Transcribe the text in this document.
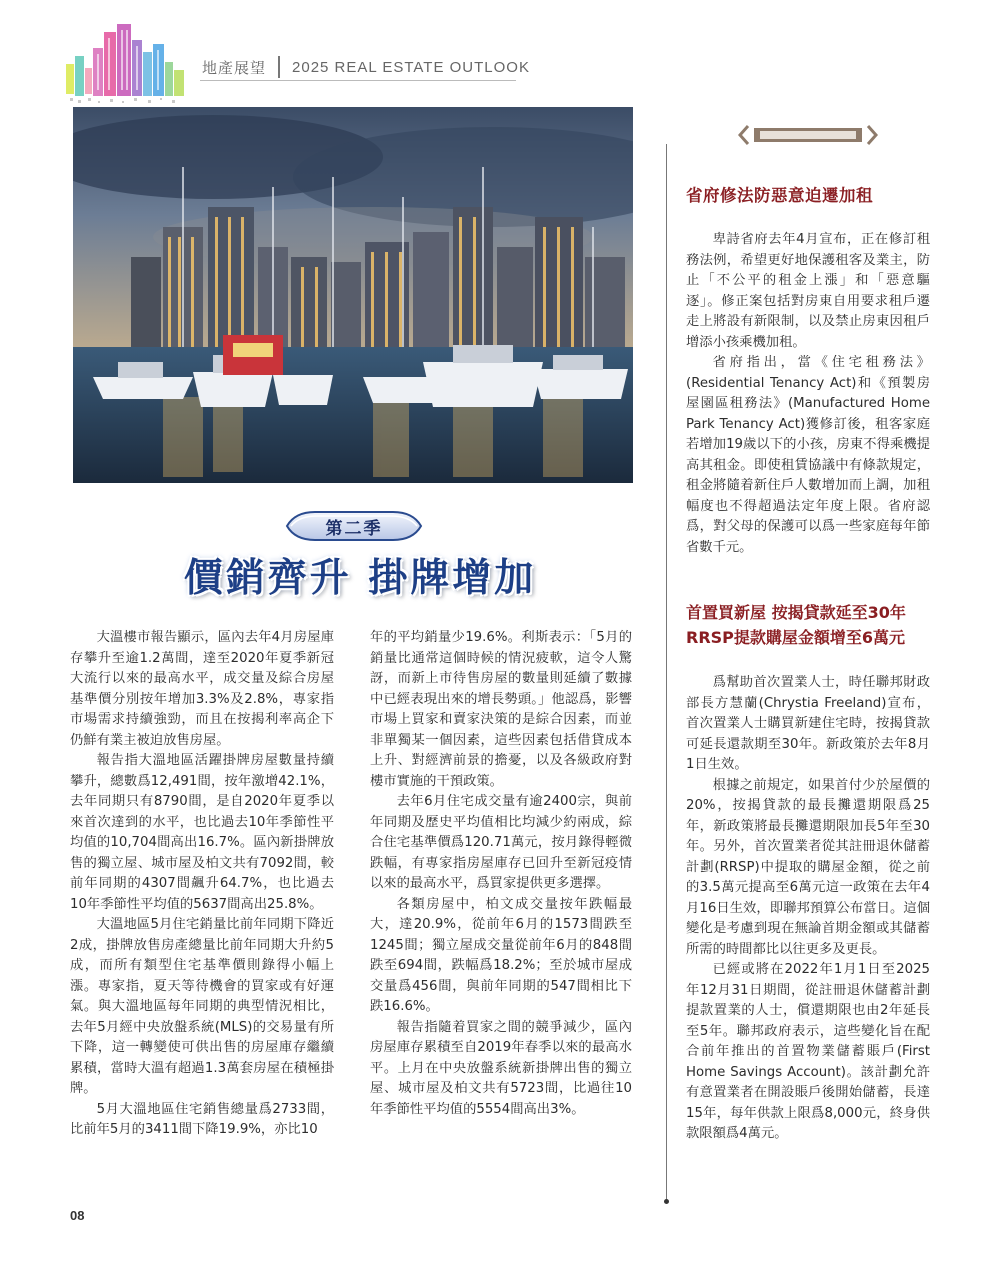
地產展望 2025 REAL ESTATE OUTLOOK
第二季
價銷齊升 掛牌增加

大溫樓市報告顯示，區內去年4月房屋庫存攀升至逾1.2萬間，達至2020年夏季新冠大流行以來的最高水平，成交量及綜合房屋基準價分別按年增加3.3%及2.8%，專家指市場需求持續強勁，而且在按揭利率高企下仍鮮有業主被迫放售房屋。

報告指大溫地區活躍掛牌房屋數量持續攀升，總數爲12,491間，按年激增42.1%，去年同期只有8790間，是自2020年夏季以來首次達到的水平，也比過去10年季節性平均值的10,704間高出16.7%。區內新掛牌放售的獨立屋、城市屋及柏文共有7092間，較前年同期的4307間飆升64.7%，也比過去10年季節性平均值的5637間高出25.8%。

大溫地區5月住宅銷量比前年同期下降近2成，掛牌放售房產總量比前年同期大升約5成，而所有類型住宅基準價則錄得小幅上漲。專家指，夏天等待機會的買家或有好運氣。與大溫地區每年同期的典型情況相比，去年5月經中央放盤系統(MLS)的交易量有所下降，這一轉變使可供出售的房屋庫存繼續累積，當時大溫有超過1.3萬套房屋在積極掛牌。

5月大溫地區住宅銷售總量爲2733間，比前年5月的3411間下降19.9%，亦比10

年的平均銷量少19.6%。利斯表示：「5月的銷量比通常這個時候的情況疲軟，這令人驚訝，而新上市待售房屋的數量則延續了數據中已經表現出來的增長勢頭。」他認爲，影響市場上買家和賣家決策的是綜合因素，而並非單獨某一個因素，這些因素包括借貸成本上升、對經濟前景的擔憂，以及各級政府對樓市實施的干預政策。

去年6月住宅成交量有逾2400宗，與前年同期及歷史平均值相比均減少約兩成，綜合住宅基準價爲120.71萬元，按月錄得輕微跌幅，有專家指房屋庫存已回升至新冠疫情以來的最高水平，爲買家提供更多選擇。

各類房屋中，柏文成交量按年跌幅最大，達20.9%，從前年6月的1573間跌至1245間；獨立屋成交量從前年6月的848間跌至694間，跌幅爲18.2%；至於城市屋成交量爲456間，與前年同期的547間相比下跌16.6%。

報告指隨着買家之間的競爭減少，區內房屋庫存累積至自2019年春季以來的最高水平。上月在中央放盤系統新掛牌出售的獨立屋、城市屋及柏文共有5723間，比過往10年季節性平均值的5554間高出3%。

省府修法防惡意迫遷加租

卑詩省府去年4月宣布，正在修訂租務法例，希望更好地保護租客及業主，防止「不公平的租金上漲」和「惡意驅逐」。修正案包括對房東自用要求租戶遷走上將設有新限制，以及禁止房東因租戶增添小孩乘機加租。

省府指出，當《住宅租務法》(Residential Tenancy Act)和《預製房屋園區租務法》(Manufactured Home Park Tenancy Act)獲修訂後，租客家庭若增加19歲以下的小孩，房東不得乘機提高其租金。即使租賃協議中有條款規定，租金將隨着新住戶人數增加而上調，加租幅度也不得超過法定年度上限。省府認爲，對父母的保護可以爲一些家庭每年節省數千元。

首置買新屋 按揭貸款延至30年
RRSP提款購屋金額增至6萬元

爲幫助首次置業人士，時任聯邦財政部長方慧蘭(Chrystia Freeland)宣布，首次置業人士購買新建住宅時，按揭貸款可延長還款期至30年。新政策於去年8月1日生效。

根據之前規定，如果首付少於屋價的20%，按揭貸款的最長攤還期限爲25年，新政策將最長攤還期限加長5年至30年。另外，首次置業者從其註冊退休儲蓄計劃(RRSP)中提取的購屋金額，從之前的3.5萬元提高至6萬元這一政策在去年4月16日生效，即聯邦預算公布當日。這個變化是考慮到現在無論首期金額或其儲蓄所需的時間都比以往更多及更長。

已經或將在2022年1月1日至2025年12月31日期間，從註冊退休儲蓄計劃提款置業的人士，償還期限也由2年延長至5年。聯邦政府表示，這些變化旨在配合前年推出的首置物業儲蓄賬戶(First Home Savings Account)。該計劃允許有意置業者在開設賬戶後開始儲蓄，長達15年，每年供款上限爲8,000元，終身供款限額爲4萬元。

08
